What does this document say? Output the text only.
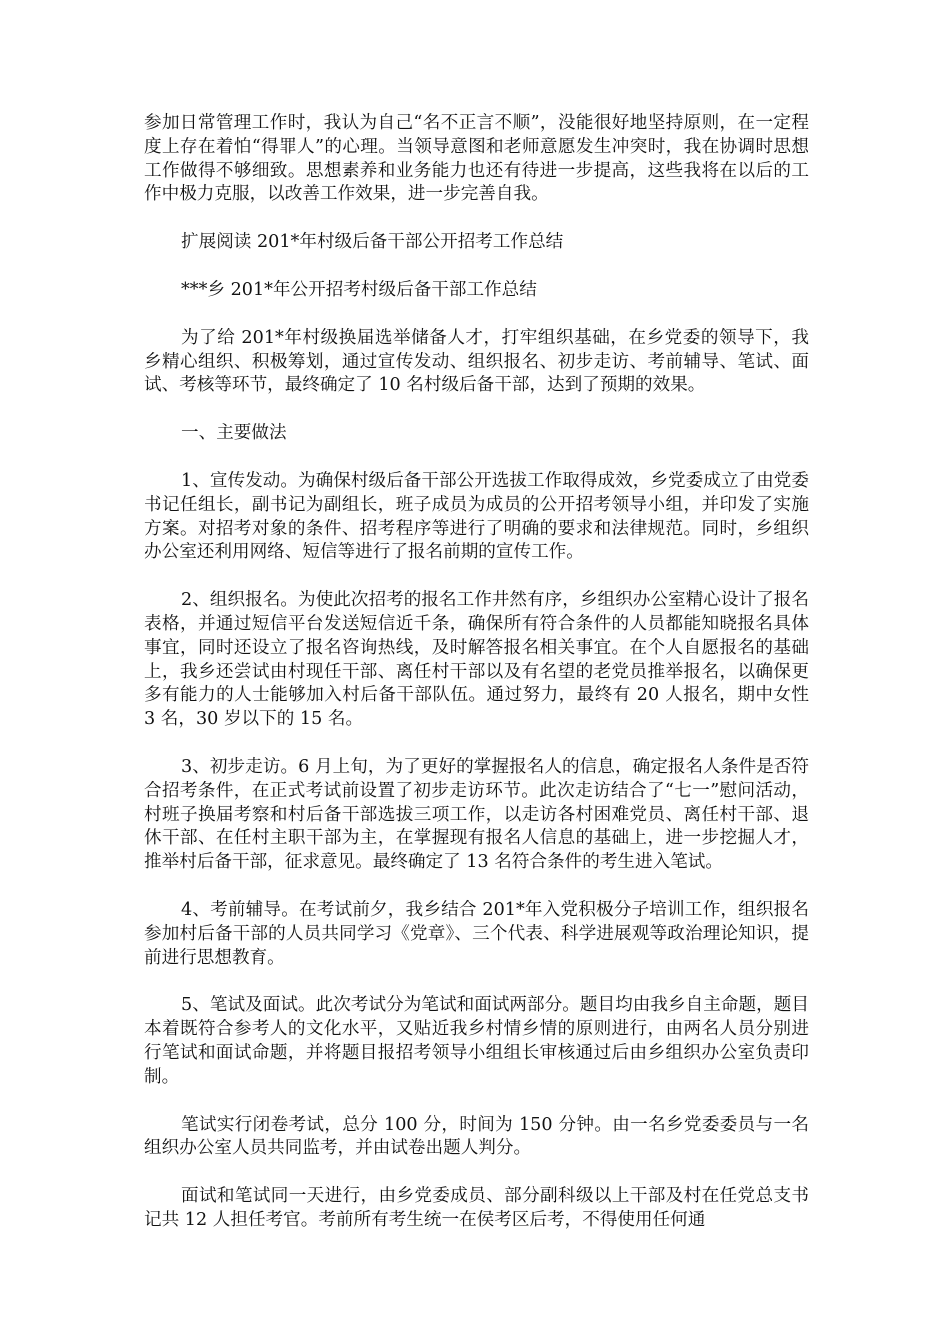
参加日常管理工作时，我认为自己“名不正言不顺”，没能很好地坚持原则，在一定程度上存在着怕“得罪人”的心理。当领导意图和老师意愿发生冲突时，我在协调时思想工作做得不够细致。思想素养和业务能力也还有待进一步提高，这些我将在以后的工作中极力克服，以改善工作效果，进一步完善自我。

扩展阅读 201*年村级后备干部公开招考工作总结

***乡 201*年公开招考村级后备干部工作总结

为了给 201*年村级换届选举储备人才，打牢组织基础，在乡党委的领导下，我乡精心组织、积极筹划，通过宣传发动、组织报名、初步走访、考前辅导、笔试、面试、考核等环节，最终确定了 10 名村级后备干部，达到了预期的效果。

一、主要做法

1、宣传发动。为确保村级后备干部公开选拔工作取得成效，乡党委成立了由党委书记任组长，副书记为副组长，班子成员为成员的公开招考领导小组，并印发了实施方案。对招考对象的条件、招考程序等进行了明确的要求和法律规范。同时，乡组织办公室还利用网络、短信等进行了报名前期的宣传工作。

2、组织报名。为使此次招考的报名工作井然有序，乡组织办公室精心设计了报名表格，并通过短信平台发送短信近千条，确保所有符合条件的人员都能知晓报名具体事宜，同时还设立了报名咨询热线，及时解答报名相关事宜。在个人自愿报名的基础上，我乡还尝试由村现任干部、离任村干部以及有名望的老党员推举报名，以确保更多有能力的人士能够加入村后备干部队伍。通过努力，最终有 20 人报名，期中女性 3 名，30 岁以下的 15 名。

3、初步走访。6 月上旬，为了更好的掌握报名人的信息，确定报名人条件是否符合招考条件，在正式考试前设置了初步走访环节。此次走访结合了“七一”慰问活动，村班子换届考察和村后备干部选拔三项工作，以走访各村困难党员、离任村干部、退休干部、在任村主职干部为主，在掌握现有报名人信息的基础上，进一步挖掘人才，推举村后备干部，征求意见。最终确定了 13 名符合条件的考生进入笔试。

4、考前辅导。在考试前夕，我乡结合 201*年入党积极分子培训工作，组织报名参加村后备干部的人员共同学习《党章》、三个代表、科学进展观等政治理论知识，提前进行思想教育。

5、笔试及面试。此次考试分为笔试和面试两部分。题目均由我乡自主命题，题目本着既符合参考人的文化水平，又贴近我乡村情乡情的原则进行，由两名人员分别进行笔试和面试命题，并将题目报招考领导小组组长审核通过后由乡组织办公室负责印制。

笔试实行闭卷考试，总分 100 分，时间为 150 分钟。由一名乡党委委员与一名组织办公室人员共同监考，并由试卷出题人判分。

面试和笔试同一天进行，由乡党委成员、部分副科级以上干部及村在任党总支书记共 12 人担任考官。考前所有考生统一在侯考区后考，不得使用任何通
